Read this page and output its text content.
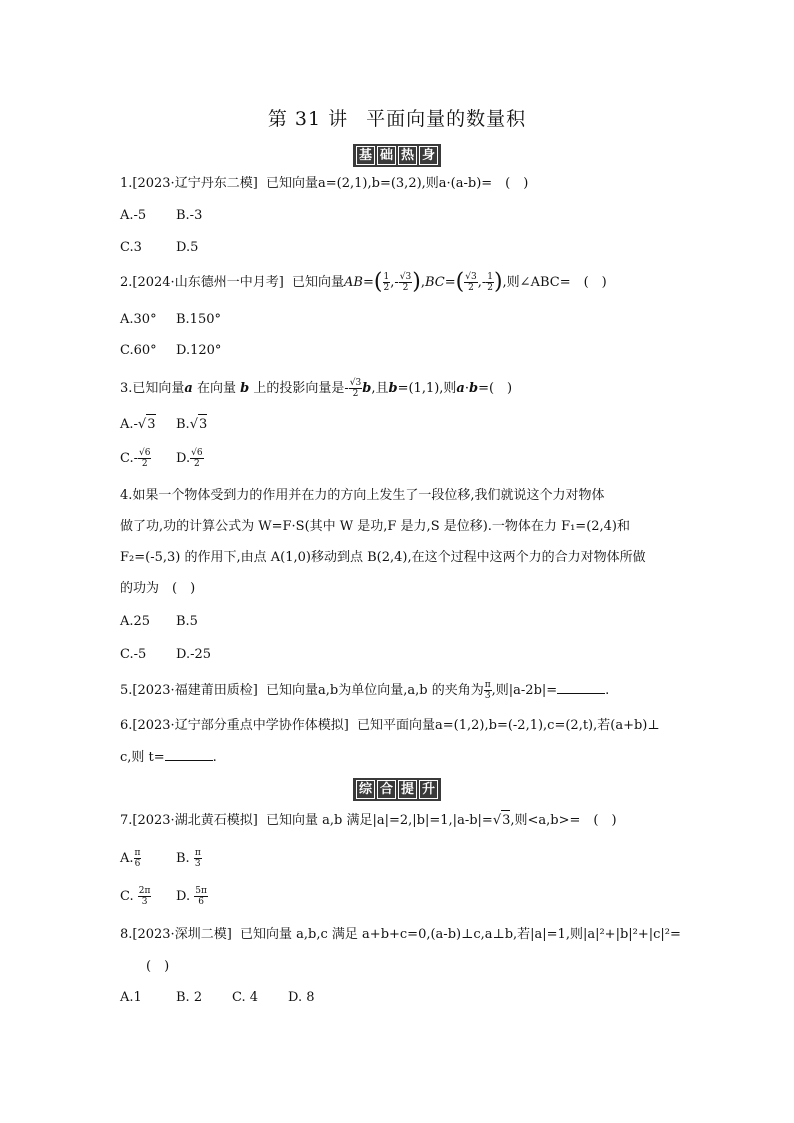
第 31 讲 平面向量的数量积
基 础 热 身
1.[2023·辽宁丹东二模] 已知向量a=(2,1),b=(3,2),则a·(a-b)=　(　)
A.-5 B.-3
C.3	D.5
2.[2024·山东德州一中月考] 已知向量$AB=( \frac{1}{2}$ ,- $\frac{√3}{2} ),BC=( \frac{√3}{2}$ ,- $\frac{1}{2}$ ),则∠ABC=　(　)
A.30° B.150°
C.60° D.120°
3.已知向量a 在向量 b 上的投影向量是- $\frac{√3}{2} b$,且b=(1,1),则a·b=(　)
A.-√3 B.√3
$C.- \frac{√6}{2} D$. $\frac{√6}{2}$
4.如果一个物体受到力的作用并在力的方向上发生了一段位移,我们就说这个力对物体
做了功,功的计算公式为 W=F·S(其中 W 是功,F 是力,S 是位移).一物体在力 F₁=(2,4)和
F₂=(-5,3) 的作用下,由点 A(1,0)移动到点 B(2,4),在这个过程中这两个力的合力对物体所做
的功为　(　)
A.25 B.5
C.-5 D.-25
5.[2023·福建莆田质检] 已知向量a,b为单位向量,a,b 的夹角为 $\frac{\pi}{3}$ ,则|a-2b|=	.
6.[2023·辽宁部分重点中学协作体模拟] 已知平面向量a=(1,2),b=(-2,1),c=(2,t),若(a+b)⊥
c,则 t=	.
综 合 提 升
7.[2023·湖北黄石模拟] 已知向量 a,b 满足|a|=2,|b|=1,|a-b|=√3,则<a,b>=　(　)
A. $\frac{\pi}{6}$	B. $\frac{\pi}{3}$
C. $\frac{2\pi}{3} D$. $\frac{5\pi}{6}$
8.[2023·深圳二模] 已知向量 a,b,c 满足 a+b+c=0,(a-b)⊥c,a⊥b,若|a|=1,则|a|²+|b|²+|c|²=
(　)
A.1	B. 2 C. 4 D. 8
